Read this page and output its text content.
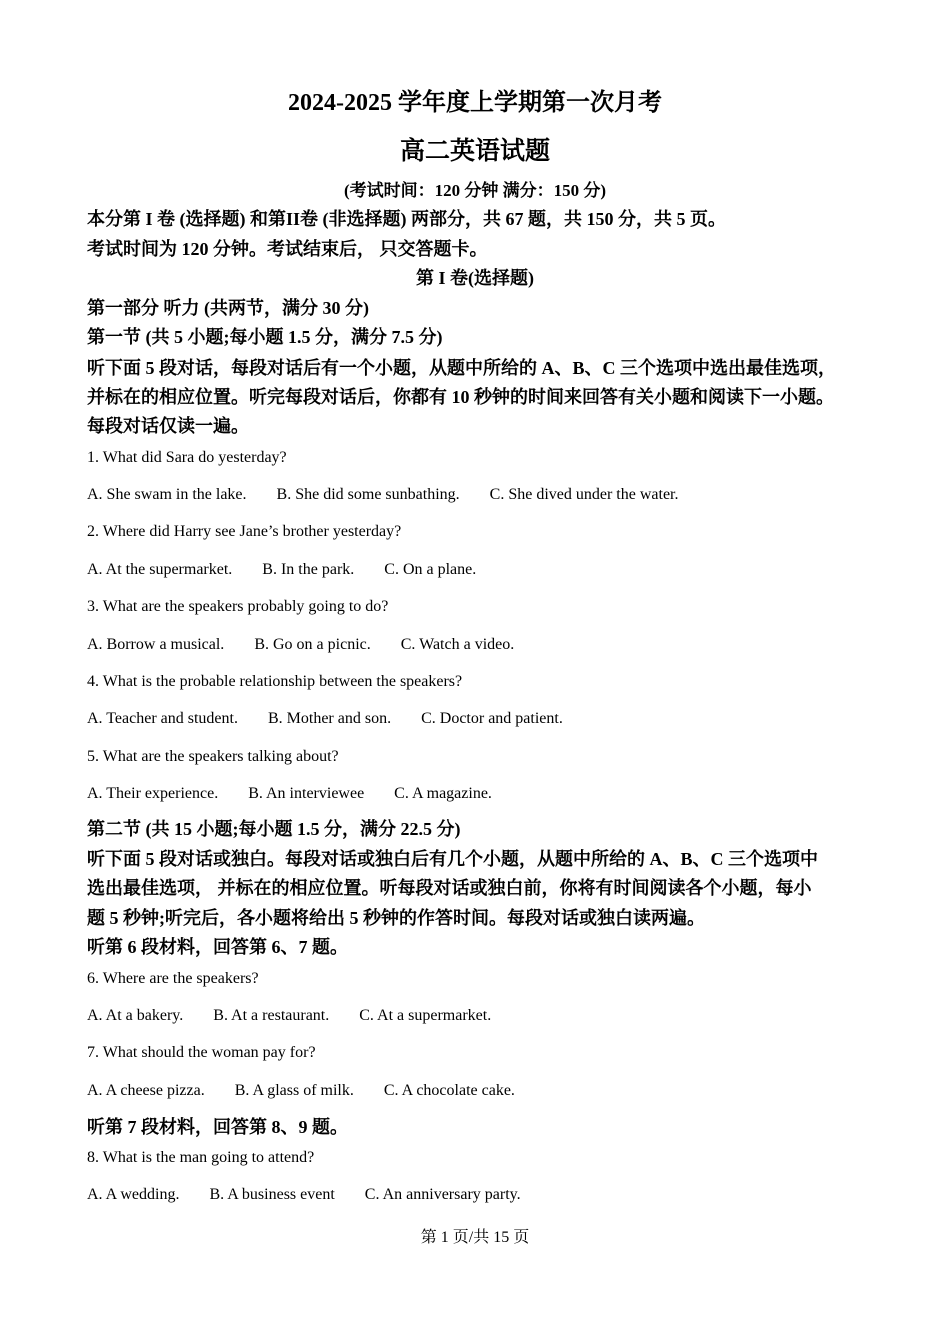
2024-2025 学年度上学期第一次月考
高二英语试题
(考试时间：120 分钟 满分：150 分)
本分第 I 卷 (选择题) 和第II卷 (非选择题) 两部分，共 67 题，共 150 分，共 5 页。
考试时间为 120 分钟。考试结束后， 只交答题卡。
第 I 卷(选择题)
第一部分 听力 (共两节，满分 30 分)
第一节 (共 5 小题;每小题 1.5 分，满分 7.5 分)
听下面 5 段对话，每段对话后有一个小题，从题中所给的 A、B、C 三个选项中选出最佳选项，
并标在的相应位置。听完每段对话后，你都有 10 秒钟的时间来回答有关小题和阅读下一小题。
每段对话仅读一遍。
1. What did Sara do yesterday?
A. She swam in the lake. B. She did some sunbathing. C. She dived under the water.
2. Where did Harry see Jane’s brother yesterday?
A. At the supermarket. B. In the park. C. On a plane.
3. What are the speakers probably going to do?
A. Borrow a musical. B. Go on a picnic. C. Watch a video.
4. What is the probable relationship between the speakers?
A. Teacher and student. B. Mother and son. C. Doctor and patient.
5. What are the speakers talking about?
A. Their experience. B. An interviewee C. A magazine.
第二节 (共 15 小题;每小题 1.5 分，满分 22.5 分)
听下面 5 段对话或独白。每段对话或独白后有几个小题，从题中所给的 A、B、C 三个选项中
选出最佳选项， 并标在的相应位置。听每段对话或独白前，你将有时间阅读各个小题，每小
题 5 秒钟;听完后，各小题将给出 5 秒钟的作答时间。每段对话或独白读两遍。
听第 6 段材料，回答第 6、7 题。
6. Where are the speakers?
A. At a bakery. B. At a restaurant. C. At a supermarket.
7. What should the woman pay for?
A. A cheese pizza. B. A glass of milk. C. A chocolate cake.
听第 7 段材料，回答第 8、9 题。
8. What is the man going to attend?
A. A wedding. B. A business event C. An anniversary party.
第 1 页/共 15 页
